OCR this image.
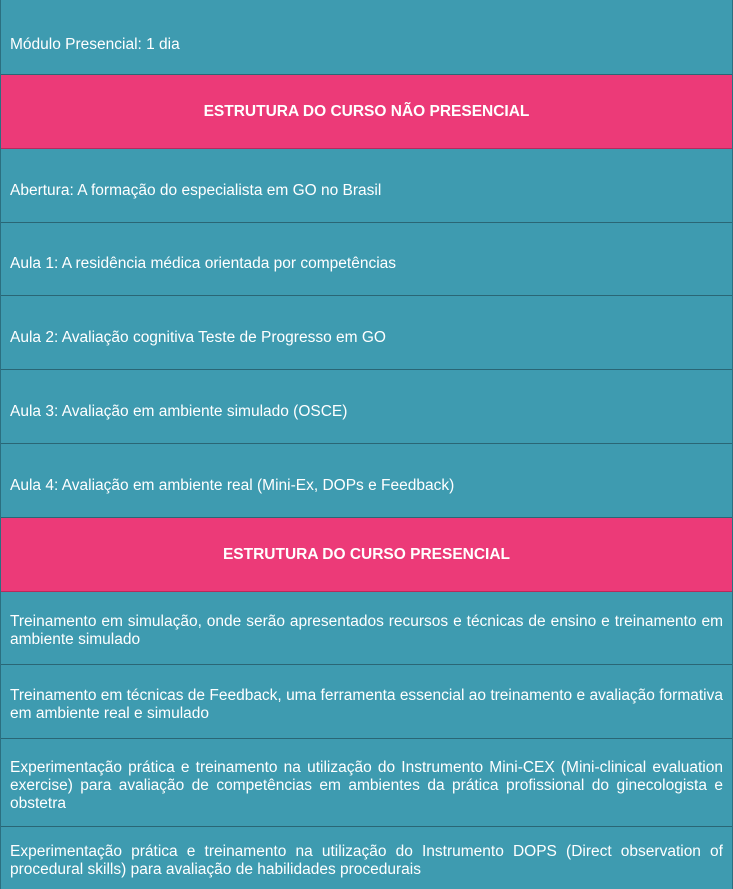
Módulo Presencial: 1 dia
ESTRUTURA DO CURSO NÃO PRESENCIAL
Abertura: A formação do especialista em GO no Brasil
Aula 1: A residência médica orientada por competências
Aula 2: Avaliação cognitiva Teste de Progresso em GO
Aula 3: Avaliação em ambiente simulado (OSCE)
Aula 4: Avaliação em ambiente real (Mini-Ex, DOPs e Feedback)
ESTRUTURA DO CURSO PRESENCIAL
Treinamento em simulação, onde serão apresentados recursos e técnicas de ensino e treinamento em ambiente simulado
Treinamento em técnicas de Feedback, uma ferramenta essencial ao treinamento e avaliação formativa em ambiente real e simulado
Experimentação prática e treinamento na utilização do Instrumento Mini-CEX (Mini-clinical evaluation exercise) para avaliação de competências em ambientes da prática profissional do ginecologista e obstetra
Experimentação prática e treinamento na utilização do Instrumento DOPS (Direct observation of procedural skills) para avaliação de habilidades procedurais
